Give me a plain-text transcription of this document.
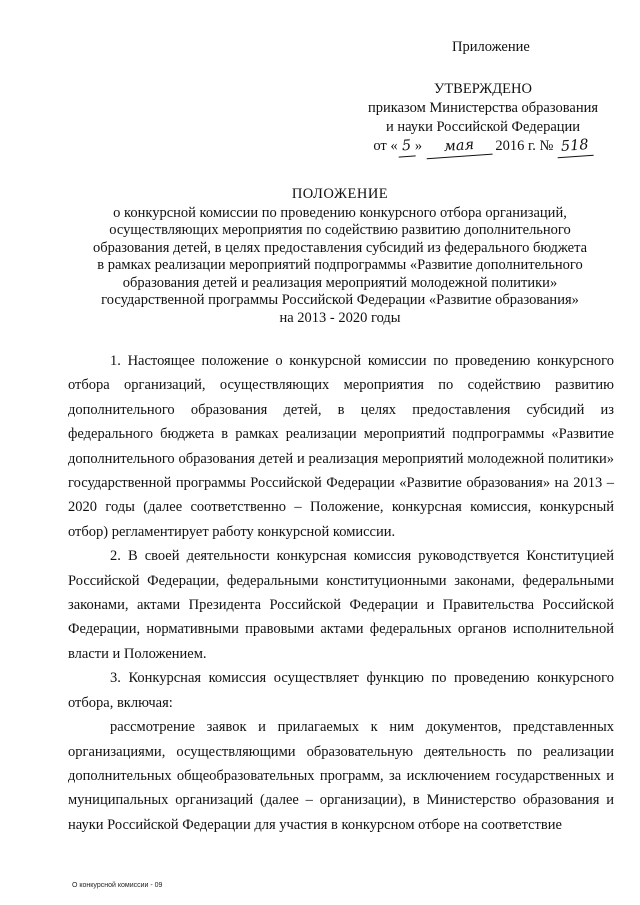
Приложение
УТВЕРЖДЕНО
приказом Министерства образования
и науки Российской Федерации
от « 5 » мая 2016 г. № 518
ПОЛОЖЕНИЕ
о конкурсной комиссии по проведению конкурсного отбора организаций,
осуществляющих мероприятия по содействию развитию дополнительного
образования детей, в целях предоставления субсидий из федерального бюджета
в рамках реализации мероприятий подпрограммы «Развитие дополнительного
образования детей и реализация мероприятий молодежной политики»
государственной программы Российской Федерации «Развитие образования»
на 2013 - 2020 годы

1. Настоящее положение о конкурсной комиссии по проведению конкурсного отбора организаций, осуществляющих мероприятия по содействию развитию дополнительного образования детей, в целях предоставления субсидий из федерального бюджета в рамках реализации мероприятий подпрограммы «Развитие дополнительного образования детей и реализация мероприятий молодежной политики» государственной программы Российской Федерации «Развитие образования» на 2013 – 2020 годы (далее соответственно – Положение, конкурсная комиссия, конкурсный отбор) регламентирует работу конкурсной комиссии.

2. В своей деятельности конкурсная комиссия руководствуется Конституцией Российской Федерации, федеральными конституционными законами, федеральными законами, актами Президента Российской Федерации и Правительства Российской Федерации, нормативными правовыми актами федеральных органов исполнительной власти и Положением.

3. Конкурсная комиссия осуществляет функцию по проведению конкурсного отбора, включая:

рассмотрение заявок и прилагаемых к ним документов, представленных организациями, осуществляющими образовательную деятельность по реализации дополнительных общеобразовательных программ, за исключением государственных и муниципальных организаций (далее – организации), в Министерство образования и науки Российской Федерации для участия в конкурсном отборе на соответствие

О конкурсной комиссии - 09
